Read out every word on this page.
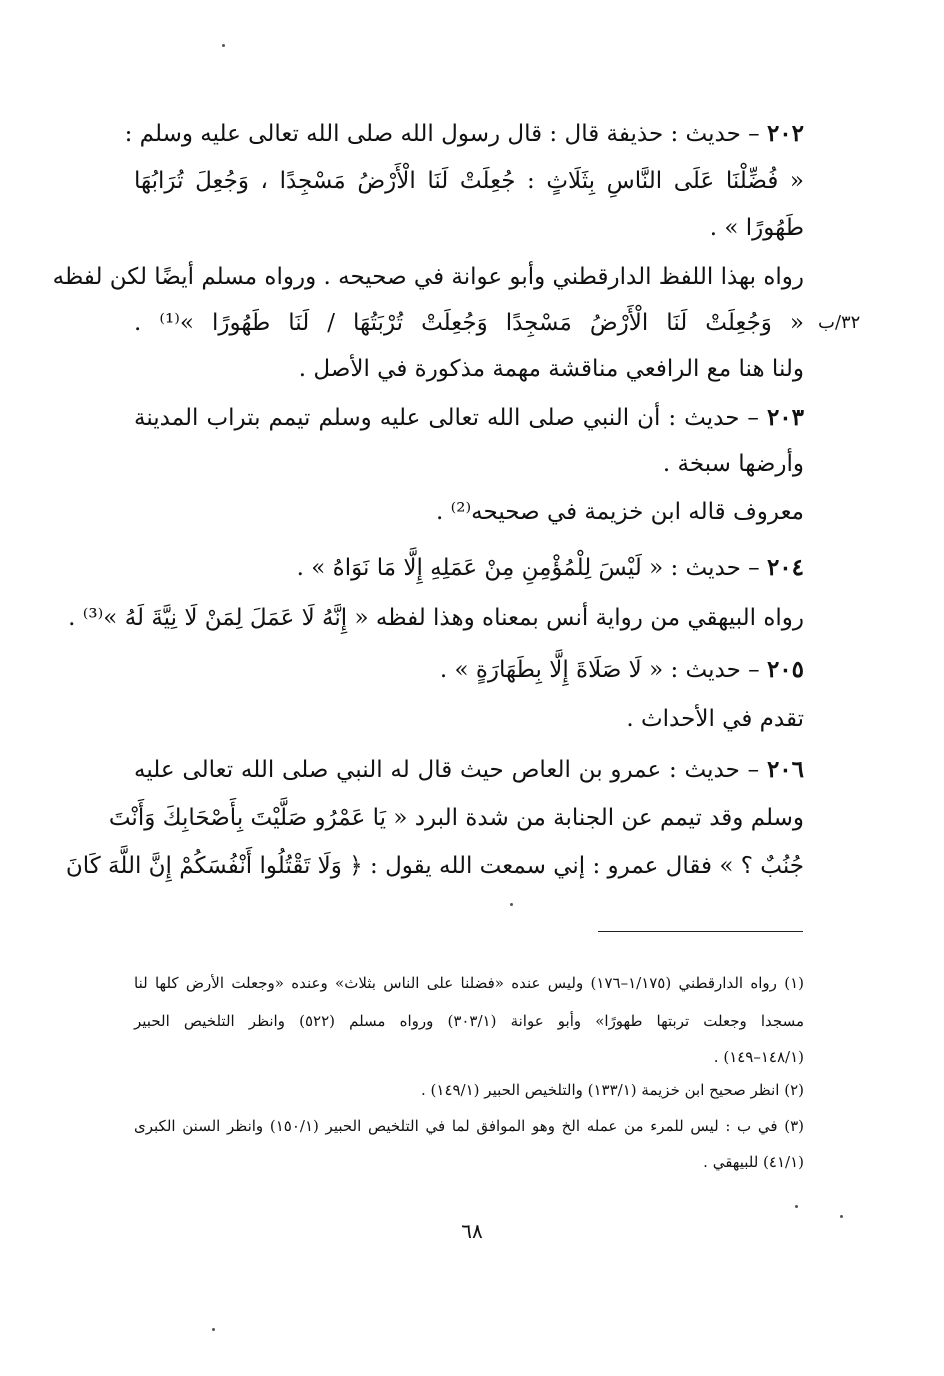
٢٠٢ – حديث : حذيفة قال : قال رسول الله صلى الله تعالى عليه وسلم :
« فُضِّلْنَا عَلَى النَّاسِ بِثَلَاثٍ : جُعِلَتْ لَنَا الْأَرْضُ مَسْجِدًا ، وَجُعِلَ تُرَابُهَا
طَهُورًا » .
رواه بهذا اللفظ الدارقطني وأبو عوانة في صحيحه . ورواه مسلم أيضًا لكن لفظه
« وَجُعِلَتْ لَنَا الْأَرْضُ مَسْجِدًا وَجُعِلَتْ تُرْبَتُهَا / لَنَا طَهُورًا »⁽¹⁾ .
ولنا هنا مع الرافعي مناقشة مهمة مذكورة في الأصل .
٣٢/ب
٢٠٣ – حديث : أن النبي صلى الله تعالى عليه وسلم تيمم بتراب المدينة
وأرضها سبخة .
معروف قاله ابن خزيمة في صحيحه⁽²⁾ .
٢٠٤ – حديث : « لَيْسَ لِلْمُؤْمِنِ مِنْ عَمَلِهِ إِلَّا مَا نَوَاهُ » .
رواه البيهقي من رواية أنس بمعناه وهذا لفظه « إِنَّهُ لَا عَمَلَ لِمَنْ لَا نِيَّةَ لَهُ »⁽³⁾ .
٢٠٥ – حديث : « لَا صَلَاةَ إِلَّا بِطَهَارَةٍ » .
تقدم في الأحداث .
٢٠٦ – حديث : عمرو بن العاص حيث قال له النبي صلى الله تعالى عليه
وسلم وقد تيمم عن الجنابة من شدة البرد « يَا عَمْرُو صَلَّيْتَ بِأَصْحَابِكَ وَأَنْتَ
جُنُبٌ ؟ » فقال عمرو : إني سمعت الله يقول : ﴿ وَلَا تَقْتُلُوا أَنْفُسَكُمْ إِنَّ اللَّهَ كَانَ
(١) رواه الدارقطني (١/١٧٥–١٧٦) وليس عنده «فضلنا على الناس بثلاث» وعنده «وجعلت الأرض كلها لنا
مسجدا وجعلت تربتها طهورًا» وأبو عوانة (٣٠٣/١) ورواه مسلم (٥٢٢) وانظر التلخيص الحبير
(١٤٨/١–١٤٩) .
(٢) انظر صحيح ابن خزيمة (١٣٣/١) والتلخيص الحبير (١٤٩/١) .
(٣) في ب : ليس للمرء من عمله الخ وهو الموافق لما في التلخيص الحبير (١٥٠/١) وانظر السنن الكبرى
(٤١/١) للبيهقي .
٦٨
